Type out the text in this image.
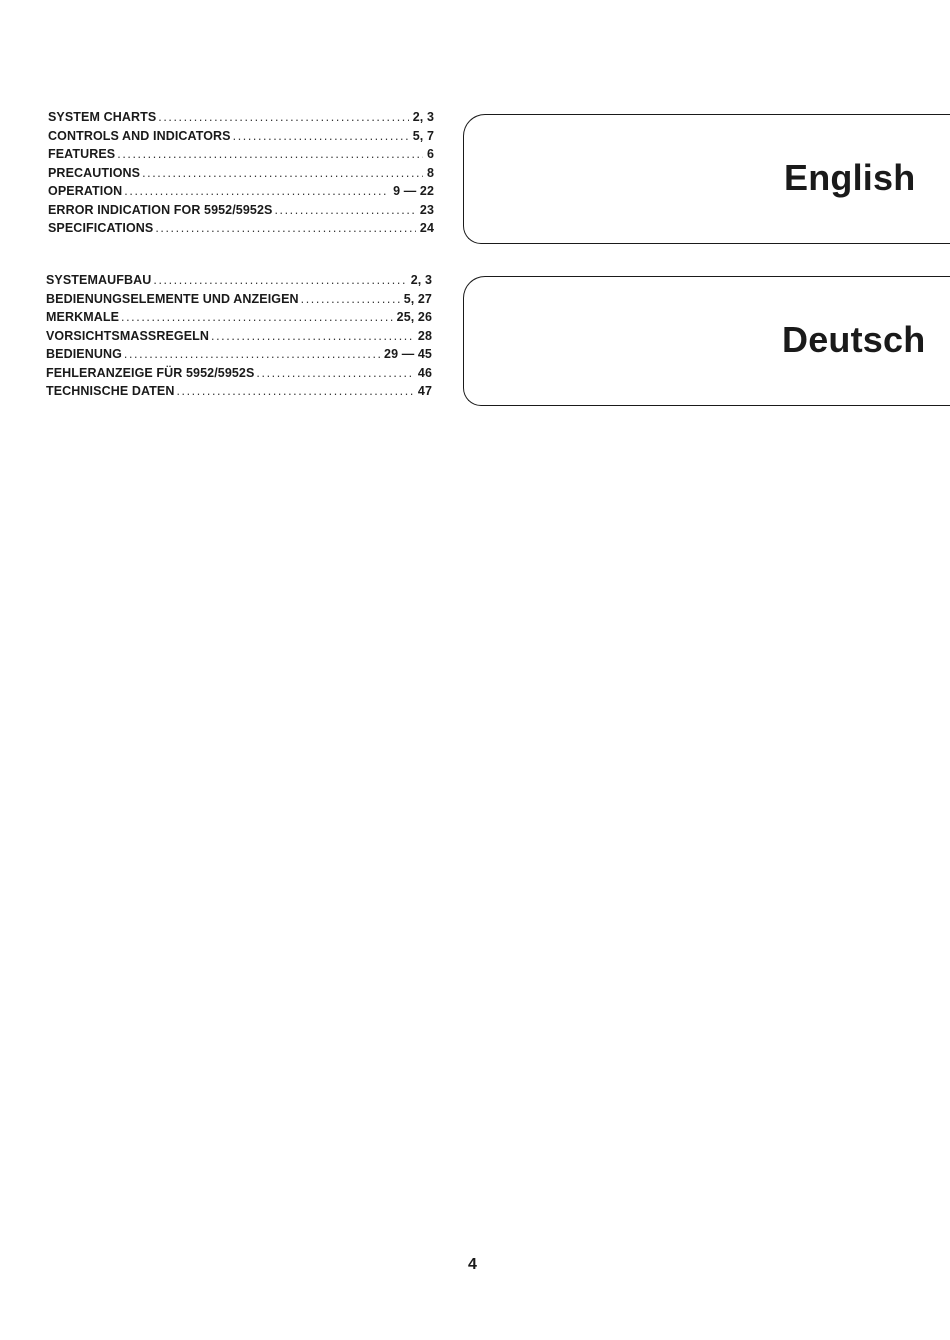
SYSTEM CHARTS .....	2, 3
CONTROLS AND INDICATORS .....	5, 7
FEATURES .....	6
PRECAUTIONS .....	8
OPERATION .....	9 — 22
ERROR INDICATION FOR 5952/5952S .....	23
SPECIFICATIONS .....	24
English
SYSTEMAUFBAU .....	2, 3
BEDIENUNGSELEMENTE UND ANZEIGEN .....	5, 27
MERKMALE .....	25, 26
VORSICHTSMASSREGELN .....	28
BEDIENUNG .....	29 — 45
FEHLERANZEIGE FÜR 5952/5952S .....	46
TECHNISCHE DATEN .....	47
Deutsch
4
